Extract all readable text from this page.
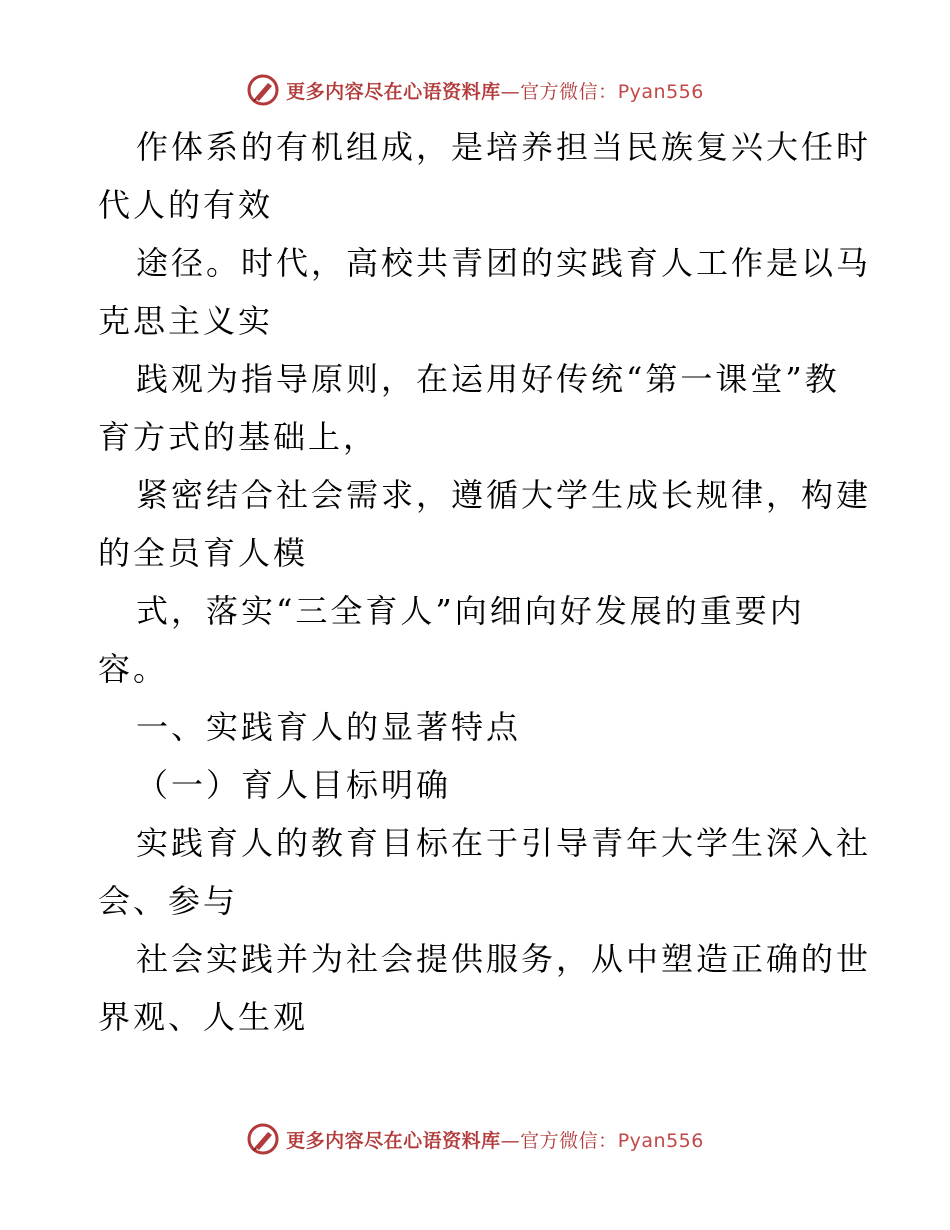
更多内容尽在心语资料库—官方微信：Pyan556
作体系的有机组成，是培养担当民族复兴大任时
代人的有效
途径。时代，高校共青团的实践育人工作是以马
克思主义实
践观为指导原则，在运用好传统“第一课堂”教
育方式的基础上，
紧密结合社会需求，遵循大学生成长规律，构建
的全员育人模
式，落实“三全育人”向细向好发展的重要内
容。
一、实践育人的显著特点
（一）育人目标明确
实践育人的教育目标在于引导青年大学生深入社
会、参与
社会实践并为社会提供服务，从中塑造正确的世
界观、人生观
更多内容尽在心语资料库—官方微信：Pyan556
